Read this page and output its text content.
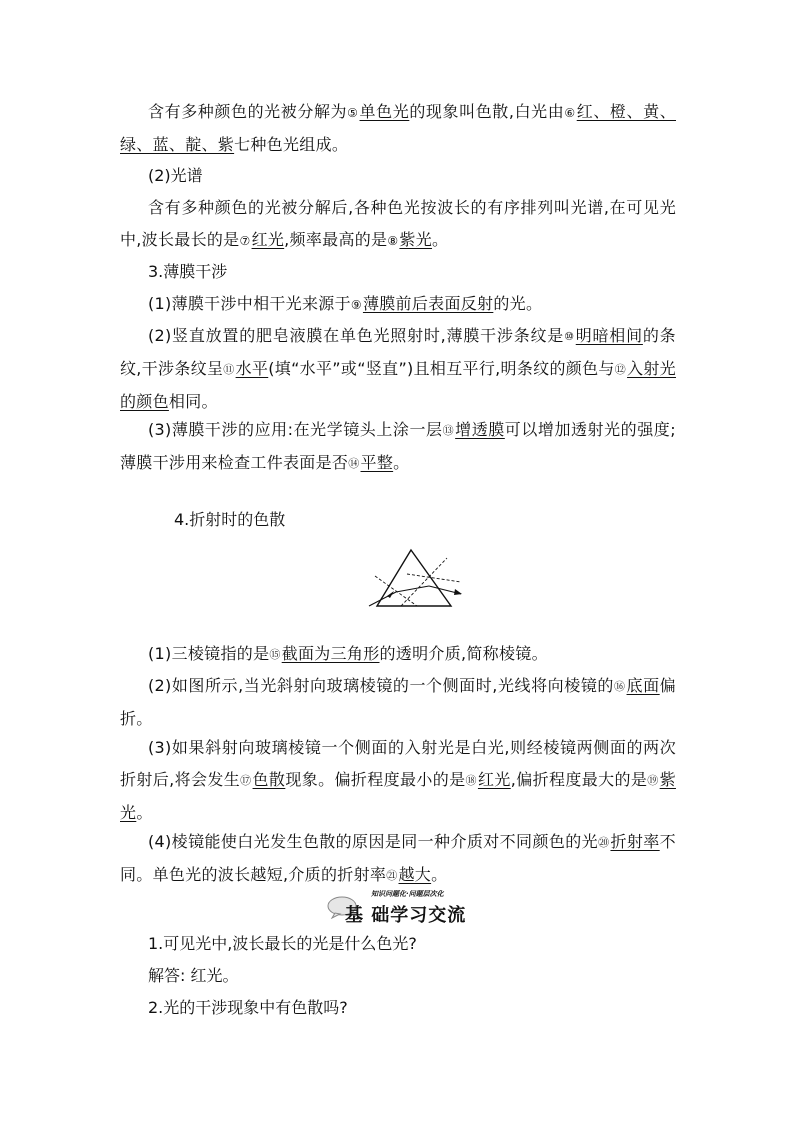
含有多种颜色的光被分解为⑤单色光的现象叫色散,白光由⑥红、橙、黄、绿、蓝、靛、紫七种色光组成。

(2)光谱

含有多种颜色的光被分解后,各种色光按波长的有序排列叫光谱,在可见光中,波长最长的是⑦红光,频率最高的是⑧紫光。

3.薄膜干涉

(1)薄膜干涉中相干光来源于⑨薄膜前后表面反射的光。

(2)竖直放置的肥皂液膜在单色光照射时,薄膜干涉条纹是⑩明暗相间的条纹,干涉条纹呈⑪水平(填“水平”或“竖直”)且相互平行,明条纹的颜色与⑫入射光的颜色相同。

(3)薄膜干涉的应用:在光学镜头上涂一层⑬增透膜可以增加透射光的强度;薄膜干涉用来检查工件表面是否⑭平整。

4.折射时的色散

(1)三棱镜指的是⑮截面为三角形的透明介质,简称棱镜。

(2)如图所示,当光斜射向玻璃棱镜的一个侧面时,光线将向棱镜的⑯底面偏折。

(3)如果斜射向玻璃棱镜一个侧面的入射光是白光,则经棱镜两侧面的两次折射后,将会发生⑰色散现象。偏折程度最小的是⑱红光,偏折程度最大的是⑲紫光。

(4)棱镜能使白光发生色散的原因是同一种介质对不同颜色的光⑳折射率不同。单色光的波长越短,介质的折射率㉑越大。

知识问题化·问题层次化
基 础学习交流

1.可见光中,波长最长的光是什么色光?

解答: 红光。

2.光的干涉现象中有色散吗?
